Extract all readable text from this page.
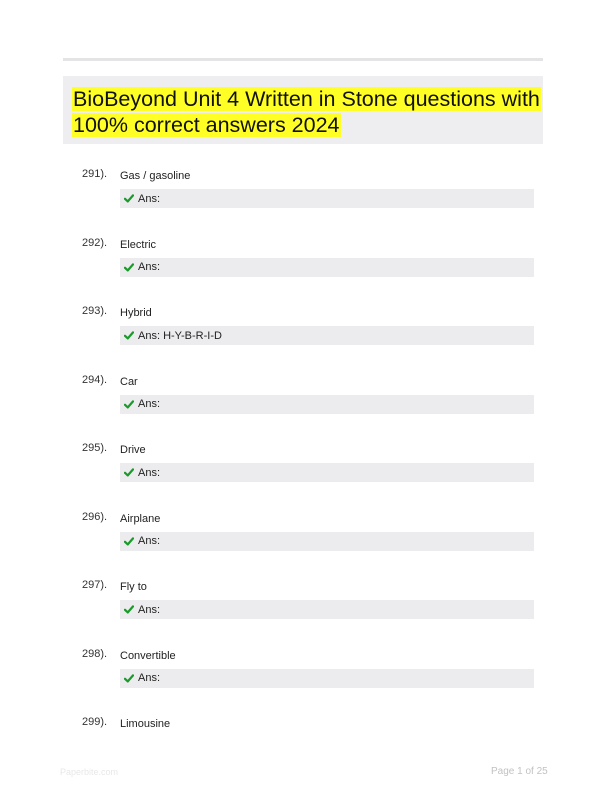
BioBeyond Unit 4 Written in Stone questions with 100% correct answers 2024
291). Gas / gasoline
Ans:
292). Electric
Ans:
293). Hybrid
Ans: H-Y-B-R-I-D
294). Car
Ans:
295). Drive
Ans:
296). Airplane
Ans:
297). Fly to
Ans:
298). Convertible
Ans:
299). Limousine
Paperbite.com	Page 1 of 25
